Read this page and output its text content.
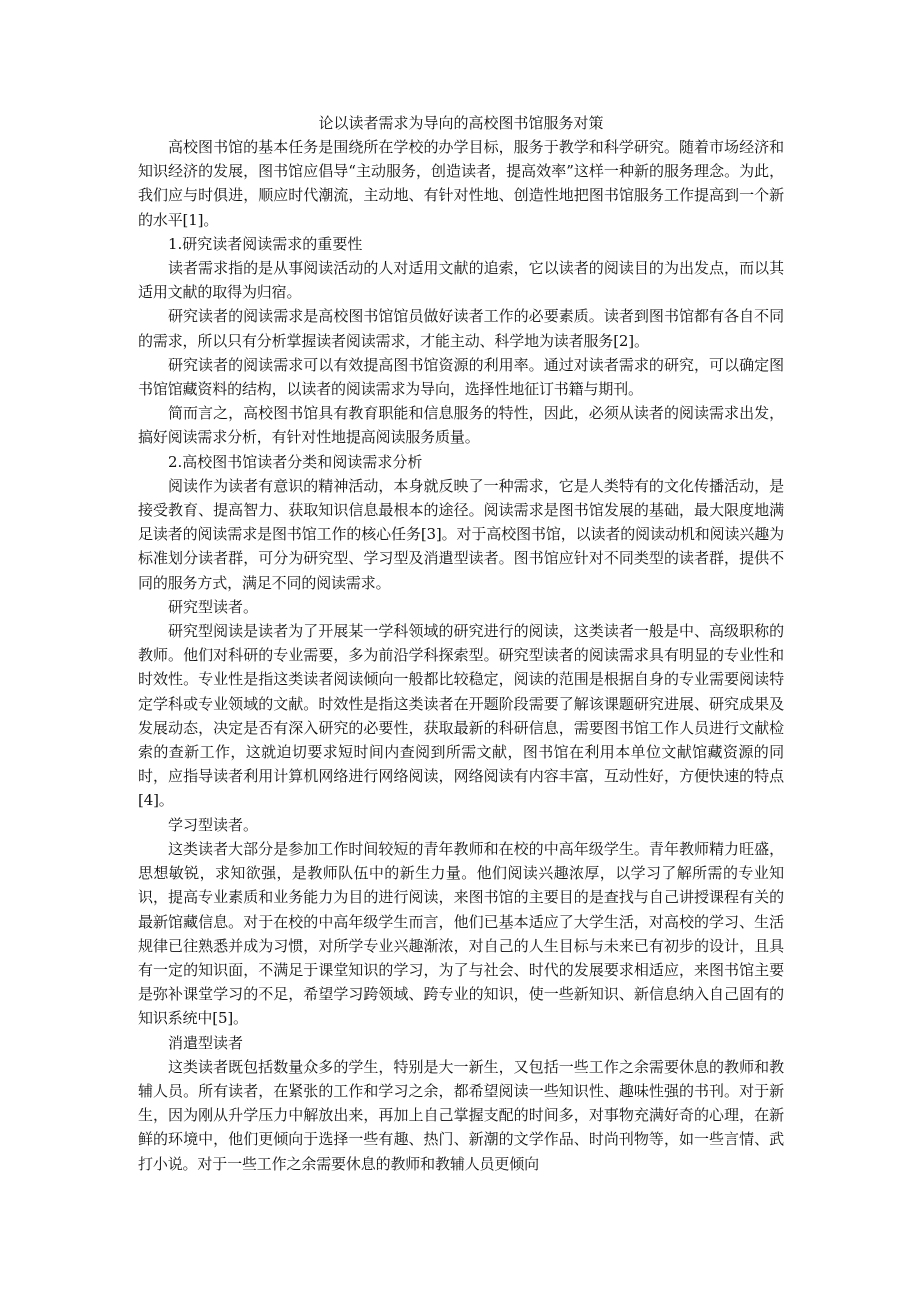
论以读者需求为导向的高校图书馆服务对策

高校图书馆的基本任务是围绕所在学校的办学目标，服务于教学和科学研究。随着市场经济和知识经济的发展，图书馆应倡导“主动服务，创造读者，提高效率”这样一种新的服务理念。为此，我们应与时俱进，顺应时代潮流，主动地、有针对性地、创造性地把图书馆服务工作提高到一个新的水平[1]。

1.研究读者阅读需求的重要性

读者需求指的是从事阅读活动的人对适用文献的追索，它以读者的阅读目的为出发点，而以其适用文献的取得为归宿。

研究读者的阅读需求是高校图书馆馆员做好读者工作的必要素质。读者到图书馆都有各自不同的需求，所以只有分析掌握读者阅读需求，才能主动、科学地为读者服务[2]。

研究读者的阅读需求可以有效提高图书馆资源的利用率。通过对读者需求的研究，可以确定图书馆馆藏资料的结构，以读者的阅读需求为导向，选择性地征订书籍与期刊。

简而言之，高校图书馆具有教育职能和信息服务的特性，因此，必须从读者的阅读需求出发，搞好阅读需求分析，有针对性地提高阅读服务质量。

2.高校图书馆读者分类和阅读需求分析

阅读作为读者有意识的精神活动，本身就反映了一种需求，它是人类特有的文化传播活动，是接受教育、提高智力、获取知识信息最根本的途径。阅读需求是图书馆发展的基础，最大限度地满足读者的阅读需求是图书馆工作的核心任务[3]。对于高校图书馆，以读者的阅读动机和阅读兴趣为标准划分读者群，可分为研究型、学习型及消遣型读者。图书馆应针对不同类型的读者群，提供不同的服务方式，满足不同的阅读需求。

研究型读者。

研究型阅读是读者为了开展某一学科领域的研究进行的阅读，这类读者一般是中、高级职称的教师。他们对科研的专业需要，多为前沿学科探索型。研究型读者的阅读需求具有明显的专业性和时效性。专业性是指这类读者阅读倾向一般都比较稳定，阅读的范围是根据自身的专业需要阅读特定学科或专业领域的文献。时效性是指这类读者在开题阶段需要了解该课题研究进展、研究成果及发展动态，决定是否有深入研究的必要性，获取最新的科研信息，需要图书馆工作人员进行文献检索的查新工作，这就迫切要求短时间内查阅到所需文献，图书馆在利用本单位文献馆藏资源的同时，应指导读者利用计算机网络进行网络阅读，网络阅读有内容丰富，互动性好，方便快速的特点[4]。

学习型读者。

这类读者大部分是参加工作时间较短的青年教师和在校的中高年级学生。青年教师精力旺盛，思想敏锐，求知欲强，是教师队伍中的新生力量。他们阅读兴趣浓厚，以学习了解所需的专业知识，提高专业素质和业务能力为目的进行阅读，来图书馆的主要目的是查找与自己讲授课程有关的最新馆藏信息。对于在校的中高年级学生而言，他们已基本适应了大学生活，对高校的学习、生活规律已往熟悉并成为习惯，对所学专业兴趣渐浓，对自己的人生目标与未来已有初步的设计，且具有一定的知识面，不满足于课堂知识的学习，为了与社会、时代的发展要求相适应，来图书馆主要是弥补课堂学习的不足，希望学习跨领域、跨专业的知识，使一些新知识、新信息纳入自己固有的知识系统中[5]。

消遣型读者

这类读者既包括数量众多的学生，特别是大一新生，又包括一些工作之余需要休息的教师和教辅人员。所有读者，在紧张的工作和学习之余，都希望阅读一些知识性、趣味性强的书刊。对于新生，因为刚从升学压力中解放出来，再加上自己掌握支配的时间多，对事物充满好奇的心理，在新鲜的环境中，他们更倾向于选择一些有趣、热门、新潮的文学作品、时尚刊物等，如一些言情、武打小说。对于一些工作之余需要休息的教师和教辅人员更倾向
